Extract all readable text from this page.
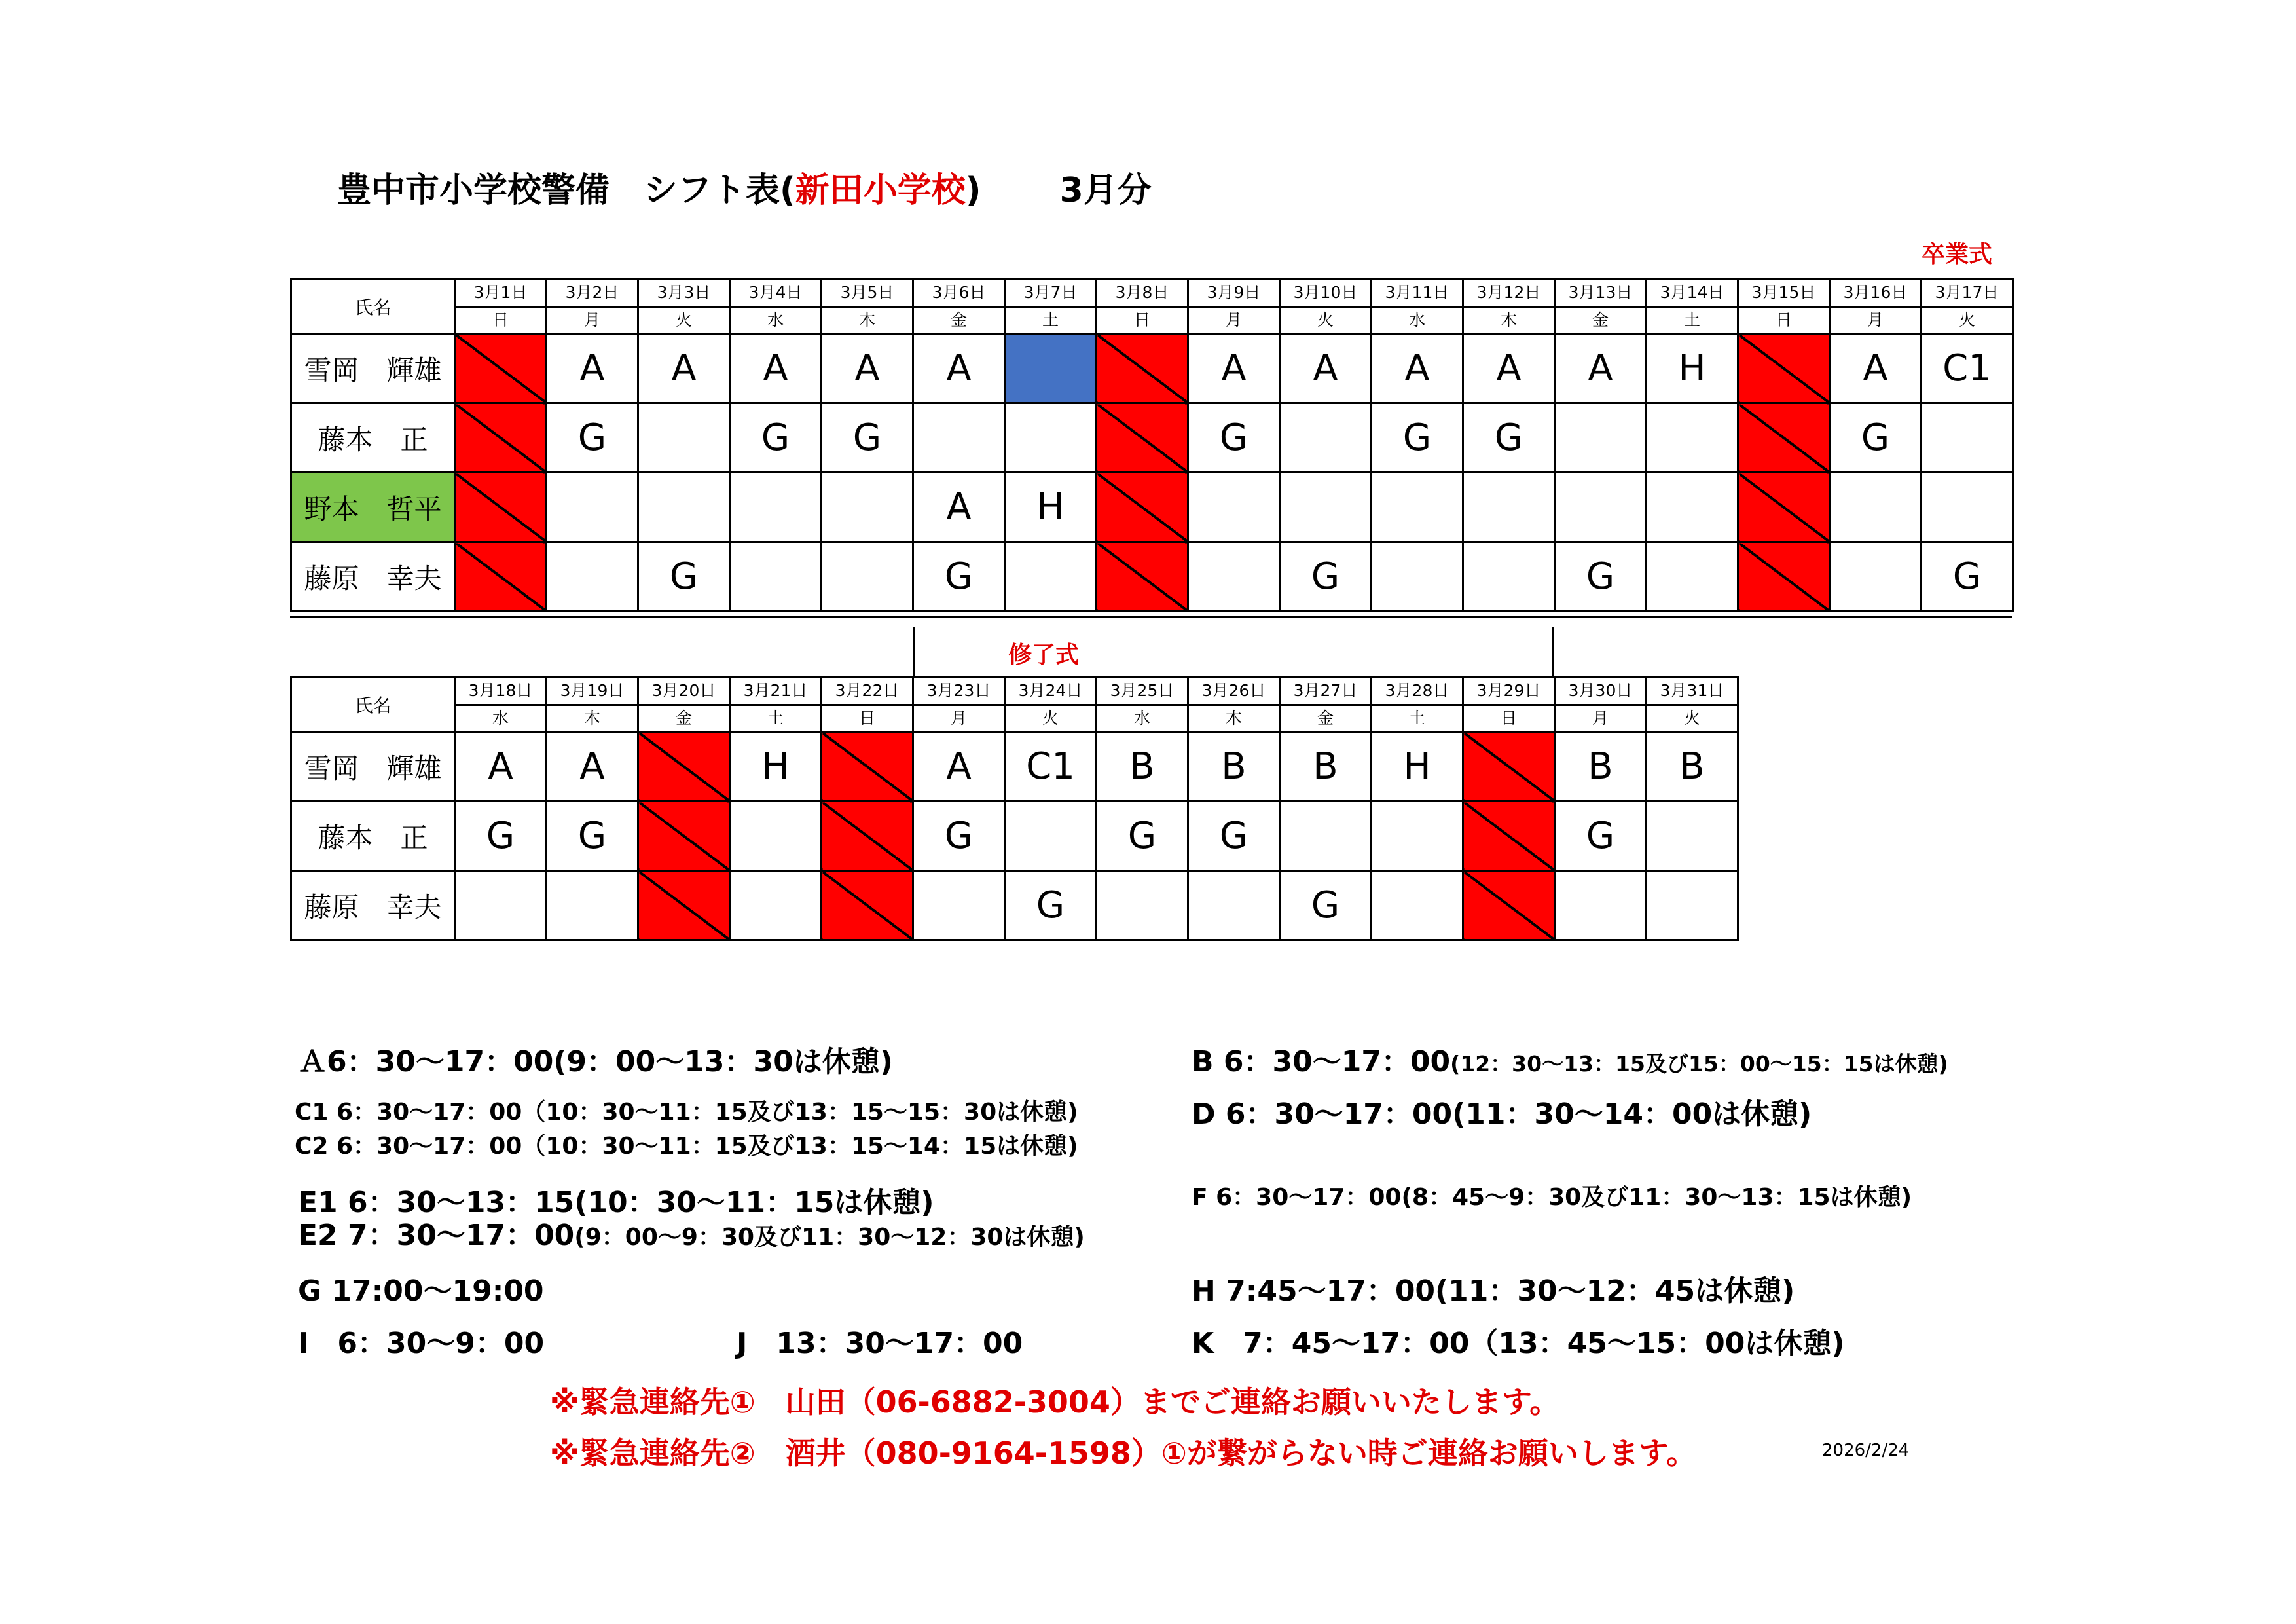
豊中市小学校警備　シフト表(新田小学校) 3月分
卒業式
氏名	3月1日	3月2日	3月3日	3月4日	3月5日	3月6日	3月7日	3月8日	3月9日	3月10日	3月11日	3月12日	3月13日	3月14日	3月15日	3月16日	3月17日
	日	月	火	水	木	金	土	日	月	火	水	木	金	土	日	月	火
雪岡　輝雄		A	A	A	A	A			A	A	A	A	A	H		A	C1
藤本　正		G		G	G				G		G	G				G	
野本　哲平						A	H										
藤原　幸夫			G			G				G			G				G
修了式
氏名	3月18日	3月19日	3月20日	3月21日	3月22日	3月23日	3月24日	3月25日	3月26日	3月27日	3月28日	3月29日	3月30日	3月31日
	水	木	金	土	日	月	火	水	木	金	土	日	月	火
雪岡　輝雄	A	A		H		A	C1	B	B	B	H		B	B
藤本　正	G	G				G		G	G				G	
藤原　幸夫							G			G				
Ａ6：30～17：00(9：00～13：30は休憩)	B 6：30～17：00(12：30～13：15及び15：00～15：15は休憩)
C1 6：30～17：00（10：30～11：15及び13：15～15：30は休憩)
C2 6：30～17：00（10：30～11：15及び13：15～14：15は休憩)
D 6：30～17：00(11：30～14：00は休憩)
E1 6：30～13：15(10：30～11：15は休憩)
E2 7：30～17：00(9：00～9：30及び11：30～12：30は休憩)
F 6：30～17：00(8：45～9：30及び11：30～13：15は休憩)
G 17:00～19:00	H 7:45～17：00(11：30～12：45は休憩)
I　6：30～9：00	J　13：30～17：00	K　7：45～17：00（13：45～15：00は休憩)
※緊急連絡先①　山田（06-6882-3004）までご連絡お願いいたします。
※緊急連絡先②　酒井（080-9164-1598）①が繋がらない時ご連絡お願いします。	2026/2/24
